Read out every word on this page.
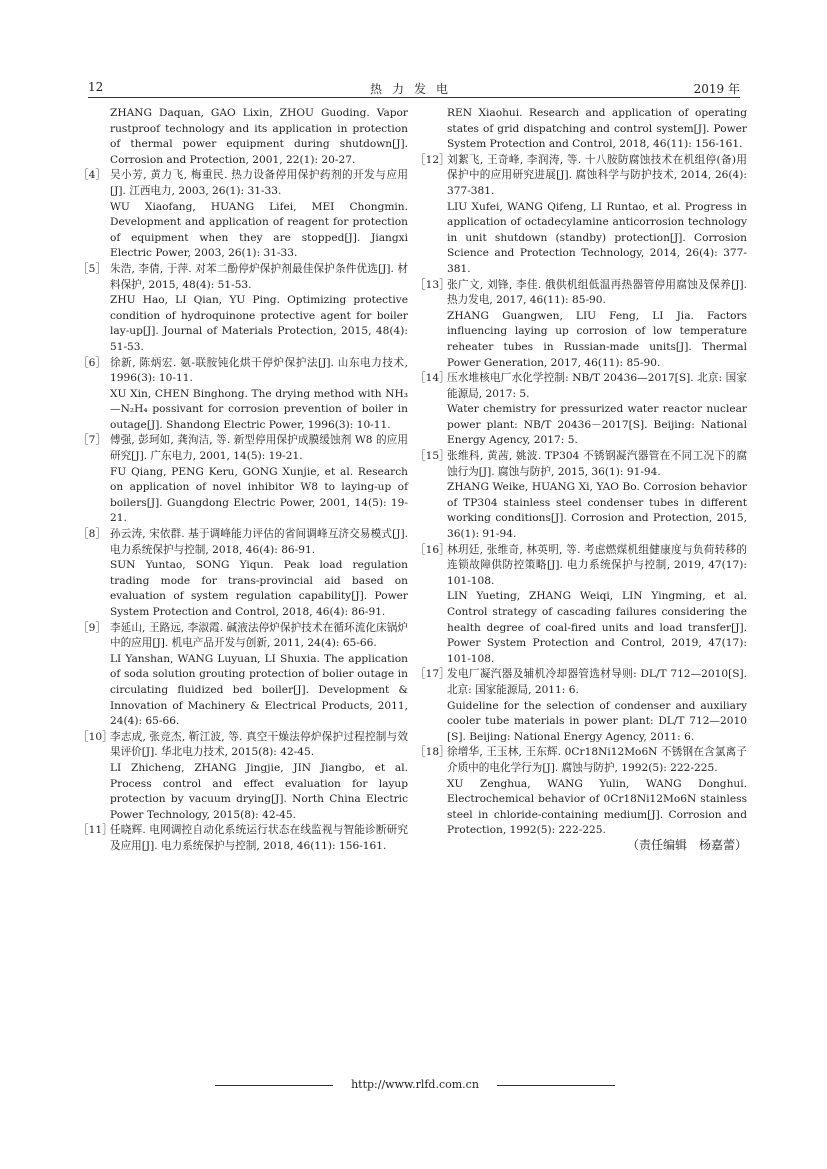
12	热力发电	2019 年
ZHANG Daquan, GAO Lixin, ZHOU Guoding. Vapor rustproof technology and its application in protection of thermal power equipment during shutdown[J]. Corrosion and Protection, 2001, 22(1): 20-27.
［4］ 吴小芳, 黄力飞, 梅重民. 热力设备停用保护药剂的开发与应用[J]. 江西电力, 2003, 26(1): 31-33.
WU Xiaofang, HUANG Lifei, MEI Chongmin. Development and application of reagent for protection of equipment when they are stopped[J]. Jiangxi Electric Power, 2003, 26(1): 31-33.
［5］ 朱浩, 李倩, 于萍. 对苯二酚停炉保护剂最佳保护条件优选[J]. 材料保护, 2015, 48(4): 51-53.
ZHU Hao, LI Qian, YU Ping. Optimizing protective condition of hydroquinone protective agent for boiler lay-up[J]. Journal of Materials Protection, 2015, 48(4): 51-53.
［6］ 徐新, 陈炳宏. 氨-联胺钝化烘干停炉保护法[J]. 山东电力技术, 1996(3): 10-11.
XU Xin, CHEN Binghong. The drying method with NH₃—N₂H₄ possivant for corrosion prevention of boiler in outage[J]. Shandong Electric Power, 1996(3): 10-11.
［7］ 傅强, 彭珂如, 龚洵洁, 等. 新型停用保护成膜缓蚀剂 W8 的应用研究[J]. 广东电力, 2001, 14(5): 19-21.
FU Qiang, PENG Keru, GONG Xunjie, et al. Research on application of novel inhibitor W8 to laying-up of boilers[J]. Guangdong Electric Power, 2001, 14(5): 19-21.
［8］ 孙云涛, 宋依群. 基于调峰能力评估的省间调峰互济交易模式[J]. 电力系统保护与控制, 2018, 46(4): 86-91.
SUN Yuntao, SONG Yiqun. Peak load regulation trading mode for trans-provincial aid based on evaluation of system regulation capability[J]. Power System Protection and Control, 2018, 46(4): 86-91.
［9］ 李延山, 王路远, 李淑霞. 碱液法停炉保护技术在循环流化床锅炉中的应用[J]. 机电产品开发与创新, 2011, 24(4): 65-66.
LI Yanshan, WANG Luyuan, LI Shuxia. The application of soda solution grouting protection of bolier outage in circulating fluidized bed boiler[J]. Development & Innovation of Machinery & Electrical Products, 2011, 24(4): 65-66.
［10］
李志成, 张竞杰, 靳江波, 等. 真空干燥法停炉保护过程控制与效果评价[J]. 华北电力技术, 2015(8): 42-45.
LI Zhicheng, ZHANG Jingjie, JIN Jiangbo, et al. Process control and effect evaluation for layup protection by vacuum drying[J]. North China Electric Power Technology, 2015(8): 42-45.
［11］
任晓辉. 电网调控自动化系统运行状态在线监视与智能诊断研究及应用[J]. 电力系统保护与控制, 2018, 46(11): 156-161.
REN Xiaohui. Research and application of operating states of grid dispatching and control system[J]. Power System Protection and Control, 2018, 46(11): 156-161.
［12］
刘絮飞, 王奇峰, 李润涛, 等. 十八胺防腐蚀技术在机组停(备)用保护中的应用研究进展[J]. 腐蚀科学与防护技术, 2014, 26(4): 377-381.
LIU Xufei, WANG Qifeng, LI Runtao, et al. Progress in application of octadecylamine anticorrosion technology in unit shutdown (standby) protection[J]. Corrosion Science and Protection Technology, 2014, 26(4): 377-381.
［13］
张广文, 刘锋, 李佳. 俄供机组低温再热器管停用腐蚀及保养[J]. 热力发电, 2017, 46(11): 85-90.
ZHANG Guangwen, LIU Feng, LI Jia. Factors influencing laying up corrosion of low temperature reheater tubes in Russian-made units[J]. Thermal Power Generation, 2017, 46(11): 85-90.
［14］
压水堆核电厂水化学控制: NB/T 20436—2017[S]. 北京: 国家能源局, 2017: 5.
Water chemistry for pressurized water reactor nuclear power plant: NB/T 20436－2017[S]. Beijing: National Energy Agency, 2017: 5.
［15］
张维科, 黄茜, 姚波. TP304 不锈钢凝汽器管在不同工况下的腐蚀行为[J]. 腐蚀与防护, 2015, 36(1): 91-94.
ZHANG Weike, HUANG Xi, YAO Bo. Corrosion behavior of TP304 stainless steel condenser tubes in different working conditions[J]. Corrosion and Protection, 2015, 36(1): 91-94.
［16］
林玥廷, 张维奇, 林英明, 等. 考虑燃煤机组健康度与负荷转移的连锁故障供防控策略[J]. 电力系统保护与控制, 2019, 47(17): 101-108.
LIN Yueting, ZHANG Weiqi, LIN Yingming, et al. Control strategy of cascading failures considering the health degree of coal-fired units and load transfer[J]. Power System Protection and Control, 2019, 47(17): 101-108.
［17］
发电厂凝汽器及辅机冷却器管选材导则: DL/T 712—2010[S]. 北京: 国家能源局, 2011: 6.
Guideline for the selection of condenser and auxiliary cooler tube materials in power plant: DL/T 712—2010 [S]. Beijing: National Energy Agency, 2011: 6.
［18］
徐增华, 王玉林, 王东辉. 0Cr18Ni12Mo6N 不锈钢在含氯离子介质中的电化学行为[J]. 腐蚀与防护, 1992(5): 222-225.
XU Zenghua, WANG Yulin, WANG Donghui. Electrochemical behavior of 0Cr18Ni12Mo6N stainless steel in chloride-containing medium[J]. Corrosion and Protection, 1992(5): 222-225.
（责任编辑　杨嘉蕾）
http://www.rlfd.com.cn
